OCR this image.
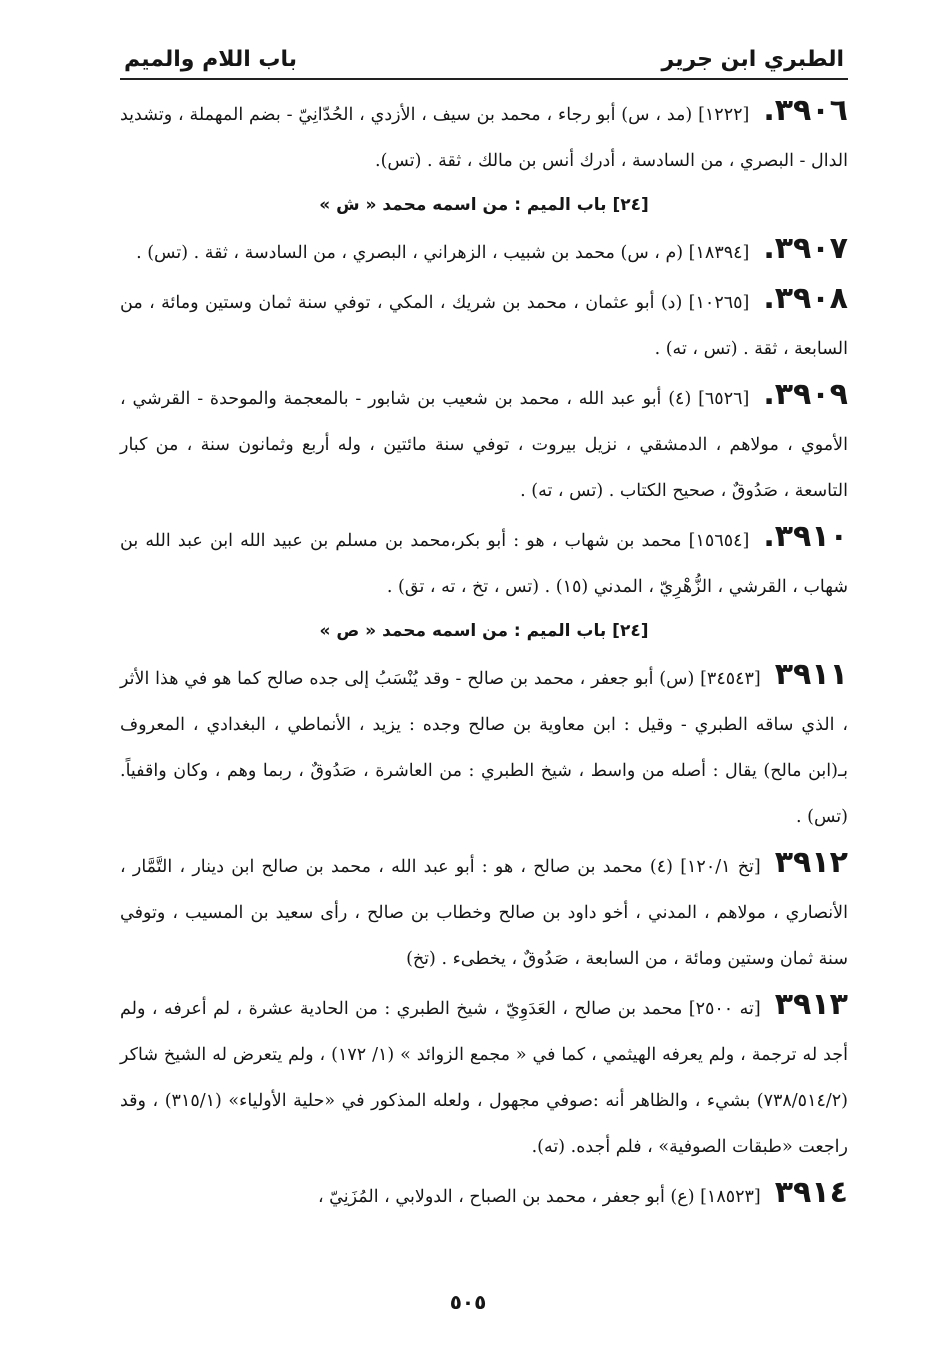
الطبري ابن جرير
باب اللام والميم

٣٩٠٦.[١٢٢٢] (مد ، س) أبو رجاء ، محمد بن سيف ، الأزدي ، الحُدّانِيّ - بضم المهملة ، وتشديد الدال - البصري ، من السادسة ، أدرك أنس بن مالك ، ثقة . (تس).

[٢٤] باب الميم : من اسمه محمد « ش »

٣٩٠٧.[١٨٣٩٤] (م ، س) محمد بن شبيب ، الزهراني ، البصري ، من السادسة ، ثقة . (تس) .

٣٩٠٨.[١٠٢٦٥] (د) أبو عثمان ، محمد بن شريك ، المكي ، توفي سنة ثمان وستين ومائة ، من السابعة ، ثقة . (تس ، ته) .

٣٩٠٩.[٦٥٢٦] (٤) أبو عبد الله ، محمد بن شعيب بن شابور - بالمعجمة والموحدة - القرشي ، الأموي ، مولاهم ، الدمشقي ، نزيل بيروت ، توفي سنة مائتين ، وله أربع وثمانون سنة ، من كبار التاسعة ، صَدُوقٌ ، صحيح الكتاب . (تس ، ته) .

٣٩١٠.[١٥٦٥٤] محمد بن شهاب ، هو : أبو بكر،محمد بن مسلم بن عبيد الله ابن عبد الله بن شهاب ، القرشي ، الزُّهْرِيّ ، المدني (١٥) . (تس ، تخ ، ته ، تق) .

[٢٤] باب الميم : من اسمه محمد « ص »

٣٩١١[٣٤٥٤٣] (س) أبو جعفر ، محمد بن صالح - وقد يُنْسَبُ إلى جده صالح كما هو في هذا الأثر ، الذي ساقه الطبري - وقيل : ابن معاوية بن صالح وجده : يزيد ، الأنماطي ، البغدادي ، المعروف بـ(ابن مالح) يقال : أصله من واسط ، شيخ الطبري : من العاشرة ، صَدُوقٌ ، ربما وهم ، وكان واقفياً. (تس) .

٣٩١٢[تخ ١٢٠/١] (٤) محمد بن صالح ، هو : أبو عبد الله ، محمد بن صالح ابن دينار ، التَّمَّار ، الأنصاري ، مولاهم ، المدني ، أخو داود بن صالح وخطاب بن صالح ، رأى سعيد بن المسيب ، وتوفي سنة ثمان وستين ومائة ، من السابعة ، صَدُوقٌ ، يخطىء . (تخ)

٣٩١٣[ته ٢٥٠٠] محمد بن صالح ، العَدَوِيّ ، شيخ الطبري : من الحادية عشرة ، لم أعرفه ، ولم أجد له ترجمة ، ولم يعرفه الهيثمي ، كما في « مجمع الزوائد » (١/ ١٧٢) ، ولم يتعرض له الشيخ شاكر (٧٣٨/٥١٤/٢) بشيء ، والظاهر أنه :صوفي مجهول ، ولعله المذكور في «حلية الأولياء» (٣١٥/١) ، وقد راجعت «طبقات الصوفية» ، فلم أجده. (ته).

٣٩١٤[١٨٥٢٣] (ع) أبو جعفر ، محمد بن الصباح ، الدولابي ، المُزَنِيّ ،

٥٠٥
